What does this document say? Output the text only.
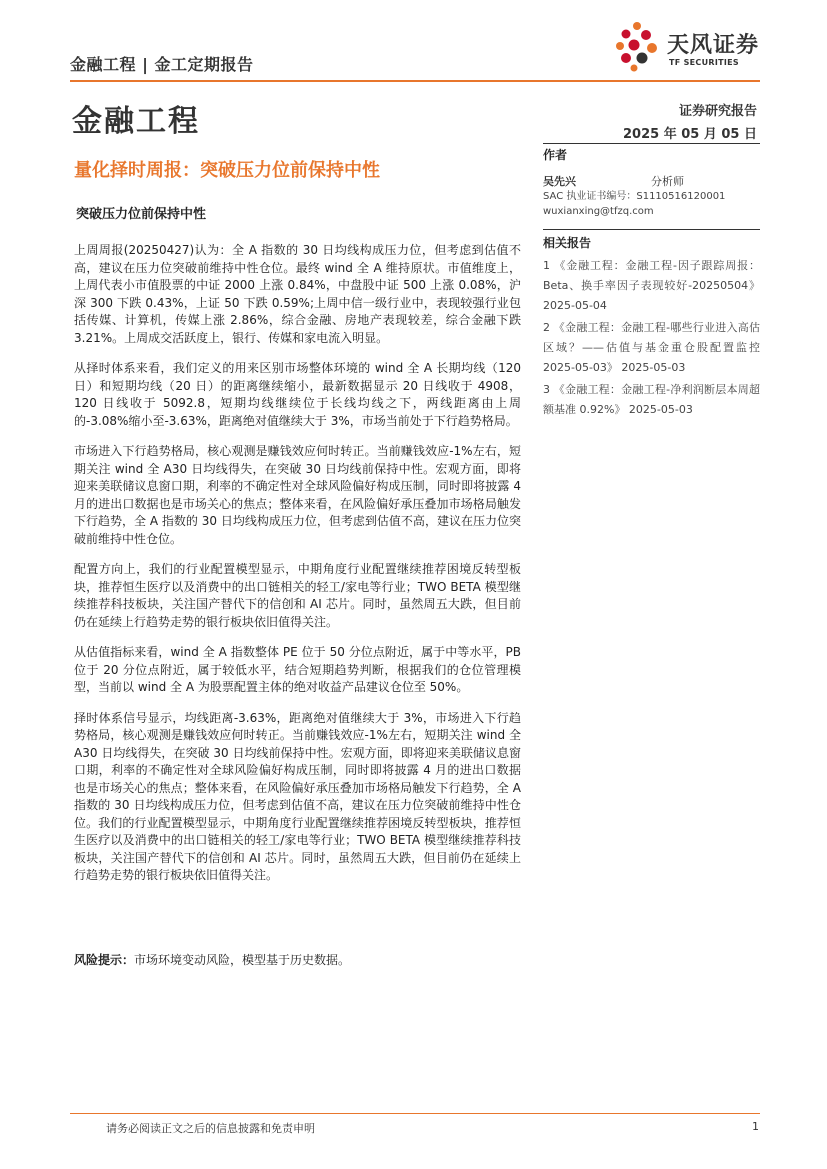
金融工程 | 金工定期报告
天风证券
TF SECURITIES
金融工程	证券研究报告
2025 年 05 月 05 日
量化择时周报：突破压力位前保持中性
突破压力位前保持中性

上周周报(20250427)认为：全 A 指数的 30 日均线构成压力位，但考虑到估值不高，建议在压力位突破前维持中性仓位。最终 wind 全 A 维持原状。市值维度上，上周代表小市值股票的中证 2000 上涨 0.84%，中盘股中证 500 上涨 0.08%，沪深 300 下跌 0.43%，上证 50 下跌 0.59%;上周中信一级行业中，表现较强行业包括传媒、计算机，传媒上涨 2.86%，综合金融、房地产表现较差，综合金融下跌 3.21%。上周成交活跃度上，银行、传媒和家电流入明显。

从择时体系来看，我们定义的用来区别市场整体环境的 wind 全 A 长期均线（120 日）和短期均线（20 日）的距离继续缩小，最新数据显示 20 日线收于 4908，120 日线收于 5092.8，短期均线继续位于长线均线之下，两线距离由上周的-3.08%缩小至-3.63%，距离绝对值继续大于 3%，市场当前处于下行趋势格局。

市场进入下行趋势格局，核心观测是赚钱效应何时转正。当前赚钱效应-1%左右，短期关注 wind 全 A30 日均线得失，在突破 30 日均线前保持中性。宏观方面，即将迎来美联储议息窗口期，利率的不确定性对全球风险偏好构成压制，同时即将披露 4 月的进出口数据也是市场关心的焦点；整体来看，在风险偏好承压叠加市场格局触发下行趋势，全 A 指数的 30 日均线构成压力位，但考虑到估值不高，建议在压力位突破前维持中性仓位。

配置方向上，我们的行业配置模型显示，中期角度行业配置继续推荐困境反转型板块，推荐恒生医疗以及消费中的出口链相关的轻工/家电等行业；TWO BETA 模型继续推荐科技板块，关注国产替代下的信创和 AI 芯片。同时，虽然周五大跌，但目前仍在延续上行趋势走势的银行板块依旧值得关注。

从估值指标来看，wind 全 A 指数整体 PE 位于 50 分位点附近，属于中等水平，PB 位于 20 分位点附近，属于较低水平，结合短期趋势判断，根据我们的仓位管理模型，当前以 wind 全 A 为股票配置主体的绝对收益产品建议仓位至 50%。

择时体系信号显示，均线距离-3.63%，距离绝对值继续大于 3%，市场进入下行趋势格局，核心观测是赚钱效应何时转正。当前赚钱效应-1%左右，短期关注 wind 全 A30 日均线得失，在突破 30 日均线前保持中性。宏观方面，即将迎来美联储议息窗口期，利率的不确定性对全球风险偏好构成压制，同时即将披露 4 月的进出口数据也是市场关心的焦点；整体来看，在风险偏好承压叠加市场格局触发下行趋势，全 A 指数的 30 日均线构成压力位，但考虑到估值不高，建议在压力位突破前维持中性仓位。我们的行业配置模型显示，中期角度行业配置继续推荐困境反转型板块，推荐恒生医疗以及消费中的出口链相关的轻工/家电等行业；TWO BETA 模型继续推荐科技板块，关注国产替代下的信创和 AI 芯片。同时，虽然周五大跌，但目前仍在延续上行趋势走势的银行板块依旧值得关注。

风险提示：市场环境变动风险，模型基于历史数据。
作者
吴先兴	分析师
SAC 执业证书编号：S1110516120001
wuxianxing@tfzq.com
相关报告
1 《金融工程：金融工程-因子跟踪周报：Beta、换手率因子表现较好-20250504》 2025-05-04
2 《金融工程：金融工程-哪些行业进入高估区域？——估值与基金重仓股配置监控 2025-05-03》 2025-05-03
3 《金融工程：金融工程-净利润断层本周超额基准 0.92%》 2025-05-03
请务必阅读正文之后的信息披露和免责申明	1
